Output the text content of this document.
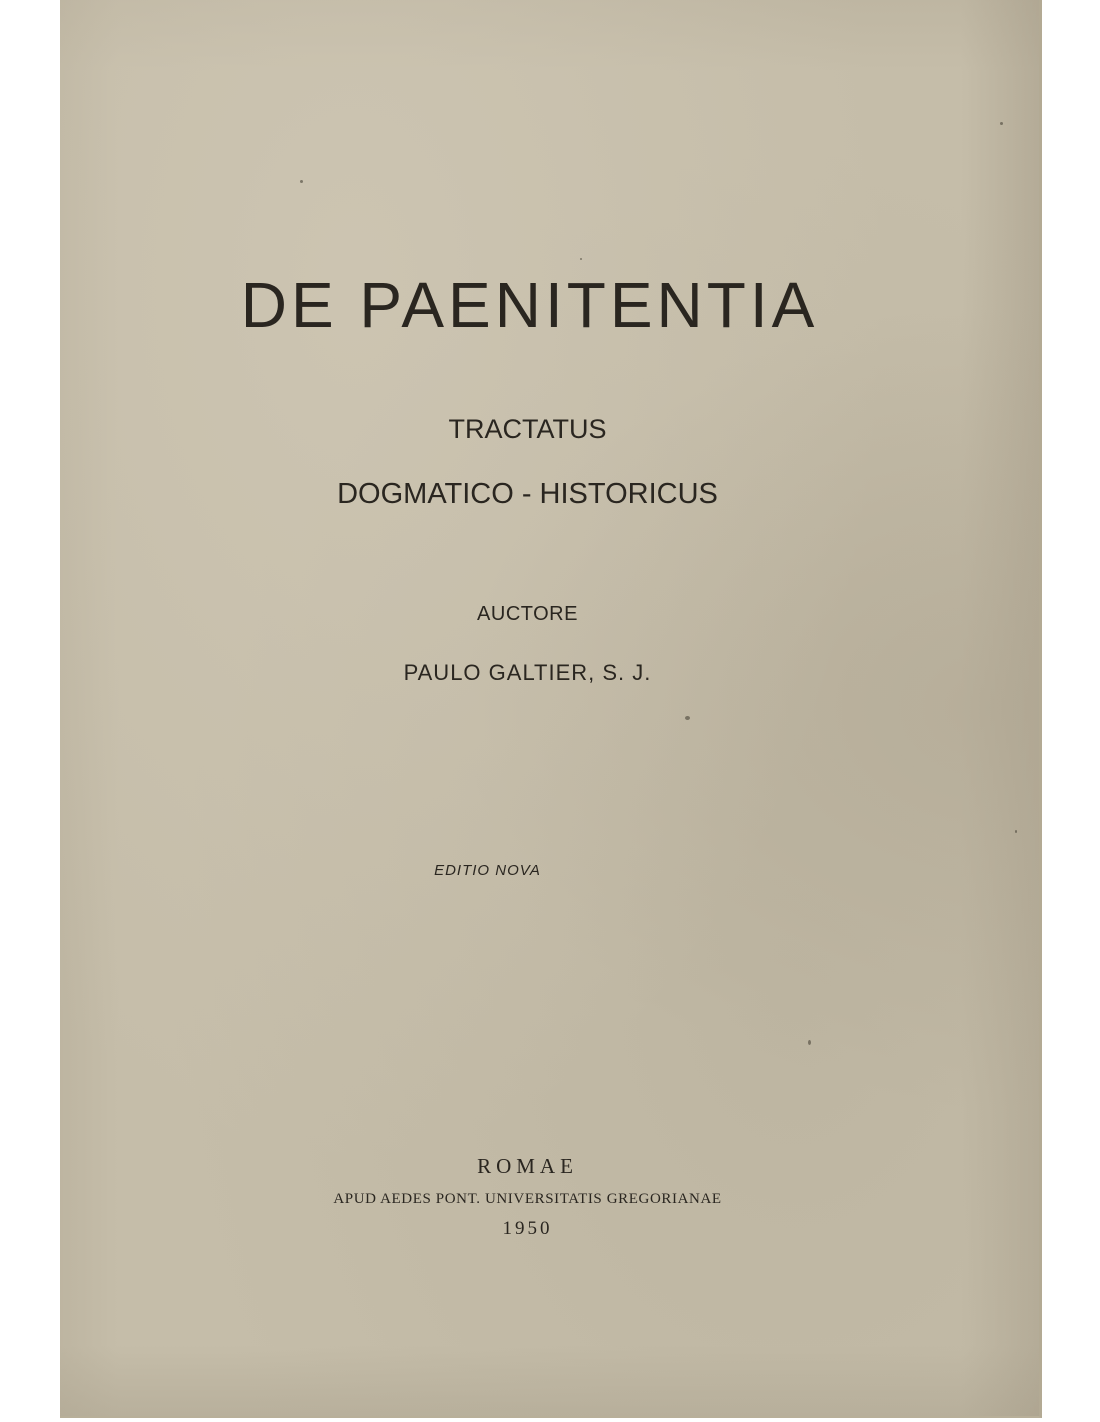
DE PAENITENTIA
TRACTATUS
DOGMATICO - HISTORICUS
AUCTORE
PAULO GALTIER, S. J.
EDITIO NOVA
ROMAE
APUD AEDES PONT. UNIVERSITATIS GREGORIANAE
1950
